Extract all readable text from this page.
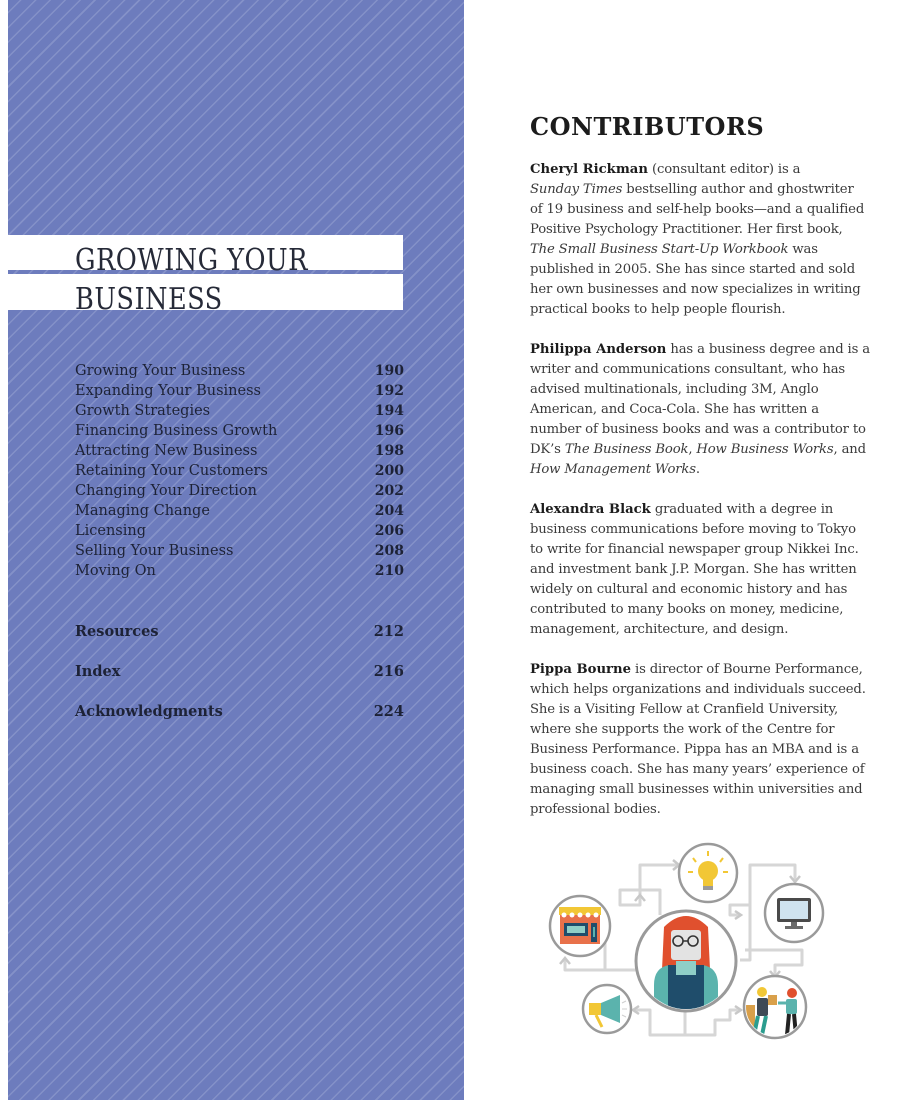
GROWING YOUR
BUSINESS
Growing Your Business	190
Expanding Your Business	192
Growth Strategies	194
Financing Business Growth	196
Attracting New Business	198
Retaining Your Customers	200
Changing Your Direction	202
Managing Change	204
Licensing	206
Selling Your Business	208
Moving On	210
Resources	212
Index	216
Acknowledgments	224
CONTRIBUTORS

Cheryl Rickman (consultant editor) is a
Sunday Times bestselling author and ghostwriter of 19 business and self-help books—and a qualified Positive Psychology Practitioner. Her first book, The Small Business Start-Up Workbook was published in 2005. She has since started and sold her own businesses and now specializes in writing practical books to help people flourish.

Philippa Anderson has a business degree and is a writer and communications consultant, who has advised multinationals, including 3M, Anglo American, and Coca-Cola. She has written a number of business books and was a contributor to DK’s The Business Book, How Business Works, and How Management Works.

Alexandra Black graduated with a degree in business communications before moving to Tokyo to write for financial newspaper group Nikkei Inc. and investment bank J.P. Morgan. She has written widely on cultural and economic history and has contributed to many books on money, medicine, management, architecture, and design.

Pippa Bourne is director of Bourne Performance, which helps organizations and individuals succeed. She is a Visiting Fellow at Cranfield University, where she supports the work of the Centre for Business Performance. Pippa has an MBA and is a business coach. She has many years’ experience of managing small businesses within universities and professional bodies.
